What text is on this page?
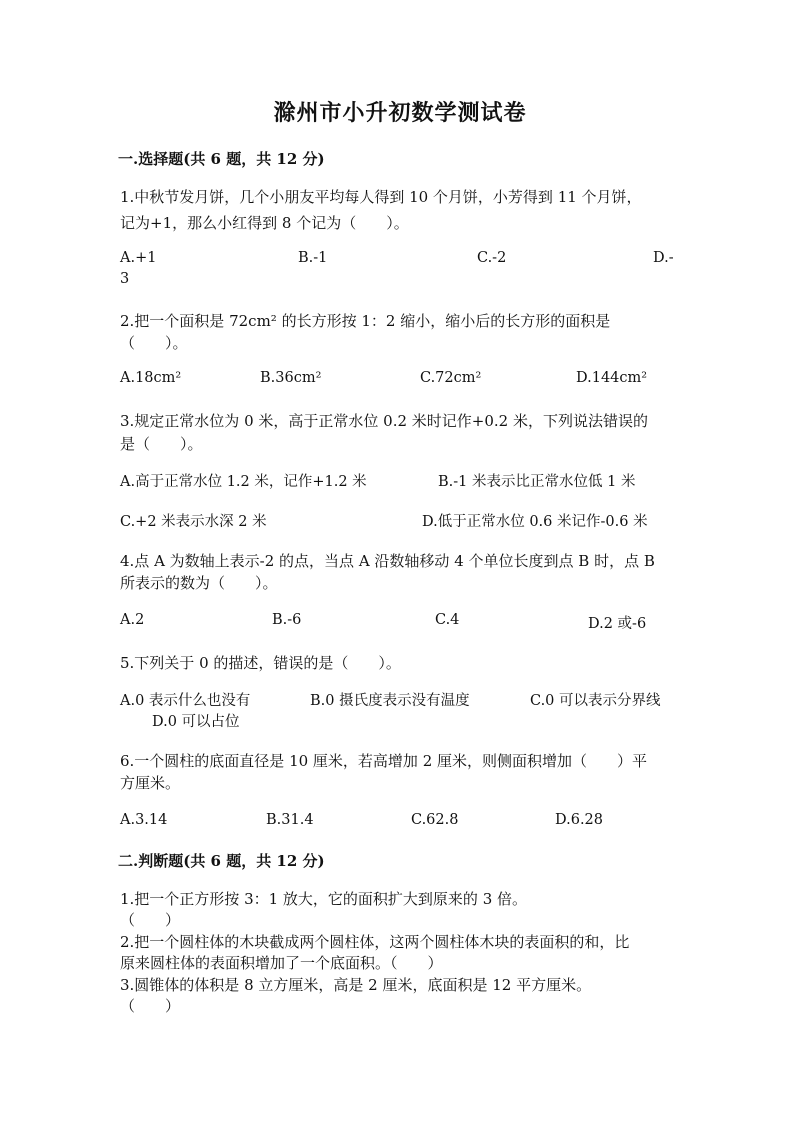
滁州市小升初数学测试卷
一.选择题(共 6 题，共 12 分)
1.中秋节发月饼，几个小朋友平均每人得到 10 个月饼，小芳得到 11 个月饼，
记为+1，那么小红得到 8 个记为（　　）。
A.+1	B.-1	C.-2	D.-
3
2.把一个面积是 72cm² 的长方形按 1：2 缩小，缩小后的长方形的面积是
（　　）。
A.18cm²	B.36cm²	C.72cm²	D.144cm²
3.规定正常水位为 0 米，高于正常水位 0.2 米时记作+0.2 米，下列说法错误的
是（　　）。
A.高于正常水位 1.2 米，记作+1.2 米	B.-1 米表示比正常水位低 1 米
C.+2 米表示水深 2 米	D.低于正常水位 0.6 米记作-0.6 米
4.点 A 为数轴上表示-2 的点，当点 A 沿数轴移动 4 个单位长度到点 B 时，点 B
所表示的数为（　　）。
A.2	B.-6	C.4	D.2 或-6
5.下列关于 0 的描述，错误的是（　　）。
A.0 表示什么也没有	B.0 摄氏度表示没有温度	C.0 可以表示分界线
D.0 可以占位
6.一个圆柱的底面直径是 10 厘米，若高增加 2 厘米，则侧面积增加（　　）平
方厘米。
A.3.14	B.31.4	C.62.8	D.6.28
二.判断题(共 6 题，共 12 分)
1.把一个正方形按 3：1 放大，它的面积扩大到原来的 3 倍。
（　　）
2.把一个圆柱体的木块截成两个圆柱体，这两个圆柱体木块的表面积的和，比
原来圆柱体的表面积增加了一个底面积。（　　）
3.圆锥体的体积是 8 立方厘米，高是 2 厘米，底面积是 12 平方厘米。
（　　）
